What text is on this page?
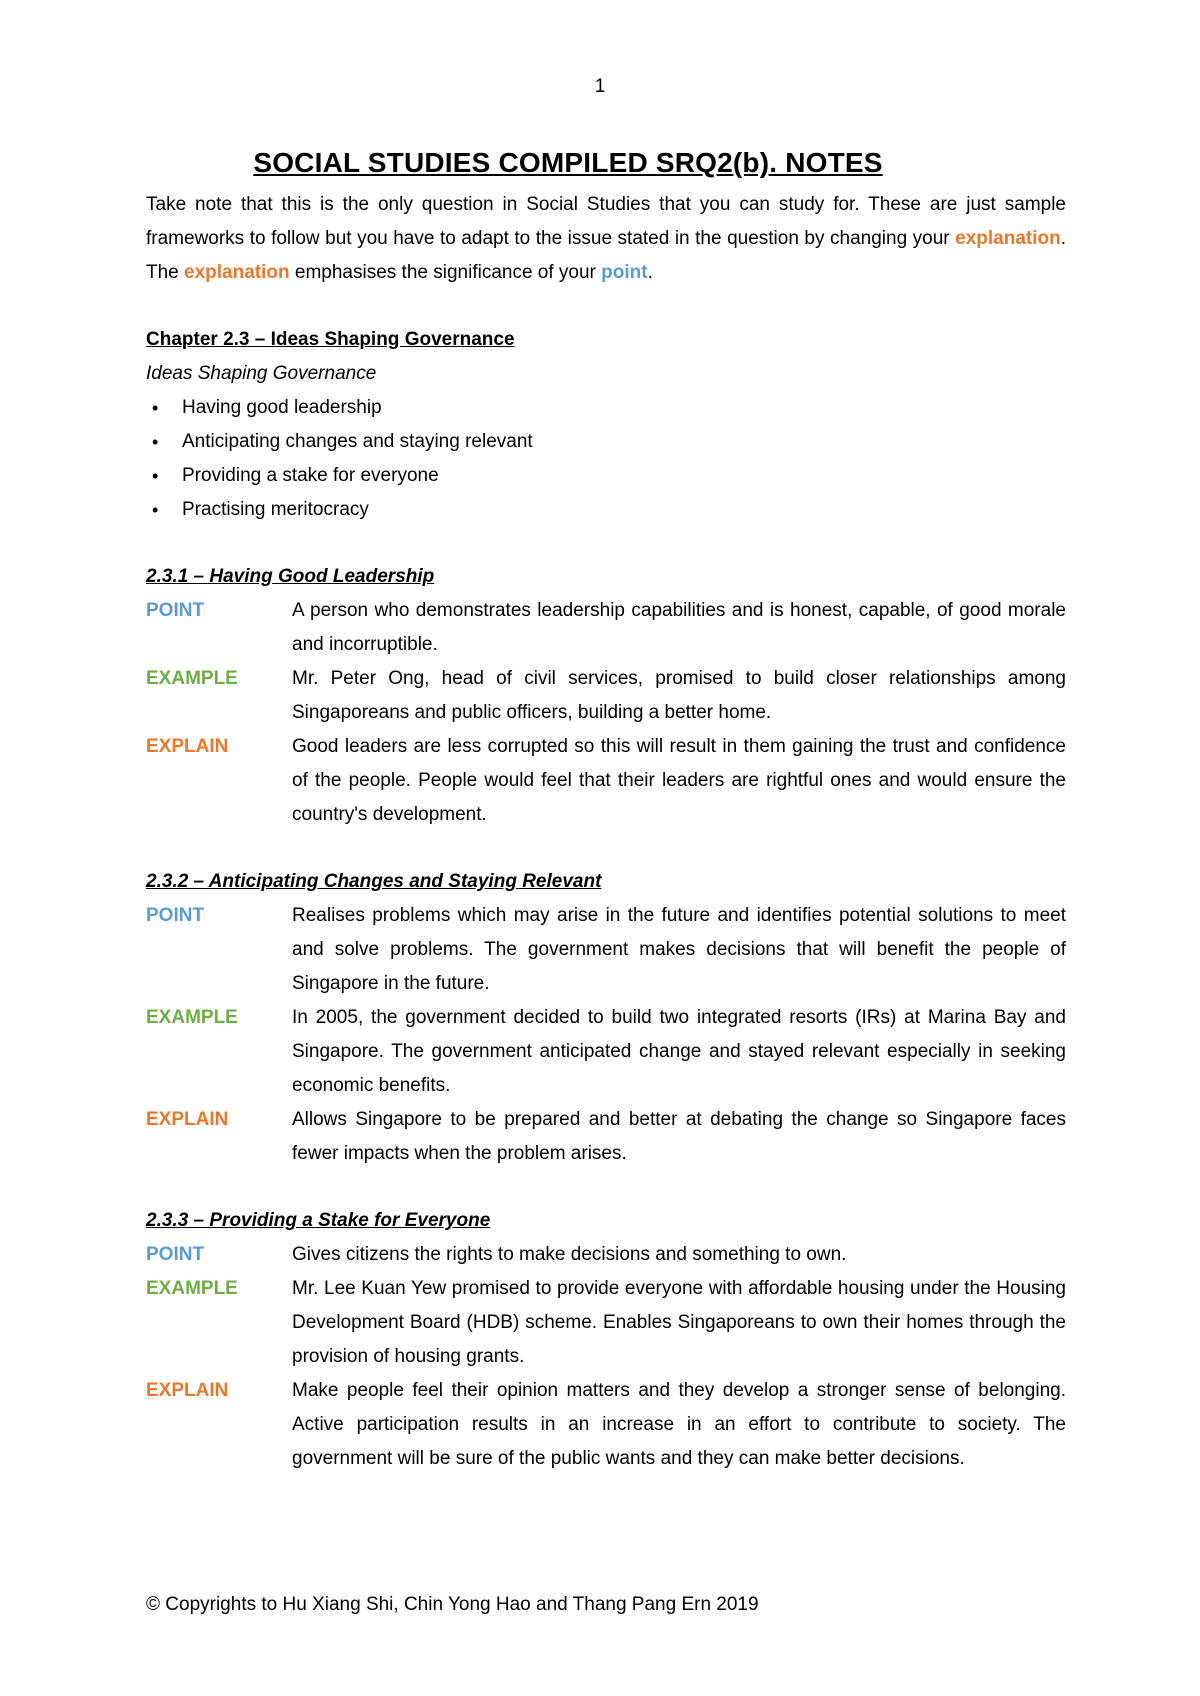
1
SOCIAL STUDIES COMPILED SRQ2(b). NOTES

Take note that this is the only question in Social Studies that you can study for. These are just sample frameworks to follow but you have to adapt to the issue stated in the question by changing your explanation. The explanation emphasises the significance of your point.

Chapter 2.3 – Ideas Shaping Governance
Ideas Shaping Governance
• Having good leadership
• Anticipating changes and staying relevant
• Providing a stake for everyone
• Practising meritocracy
2.3.1 – Having Good Leadership
POINT	A person who demonstrates leadership capabilities and is honest, capable, of good morale and incorruptible.
EXAMPLE	Mr. Peter Ong, head of civil services, promised to build closer relationships among Singaporeans and public officers, building a better home.
EXPLAIN	Good leaders are less corrupted so this will result in them gaining the trust and confidence of the people. People would feel that their leaders are rightful ones and would ensure the country's development.
2.3.2 – Anticipating Changes and Staying Relevant
POINT	Realises problems which may arise in the future and identifies potential solutions to meet and solve problems. The government makes decisions that will benefit the people of Singapore in the future.
EXAMPLE	In 2005, the government decided to build two integrated resorts (IRs) at Marina Bay and Singapore. The government anticipated change and stayed relevant especially in seeking economic benefits.
EXPLAIN	Allows Singapore to be prepared and better at debating the change so Singapore faces fewer impacts when the problem arises.
2.3.3 – Providing a Stake for Everyone
POINT	Gives citizens the rights to make decisions and something to own.
EXAMPLE	Mr. Lee Kuan Yew promised to provide everyone with affordable housing under the Housing Development Board (HDB) scheme. Enables Singaporeans to own their homes through the provision of housing grants.
EXPLAIN	Make people feel their opinion matters and they develop a stronger sense of belonging. Active participation results in an increase in an effort to contribute to society. The government will be sure of the public wants and they can make better decisions.
© Copyrights to Hu Xiang Shi, Chin Yong Hao and Thang Pang Ern 2019
